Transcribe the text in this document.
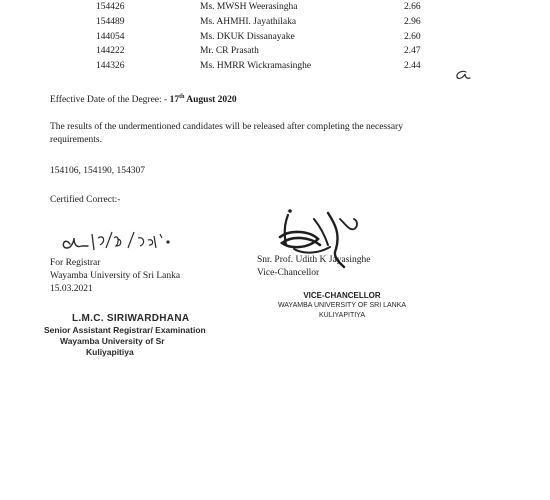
154426	Ms. MWSH Weerasingha	2.66
154489	Ms. AHMHI. Jayathilaka	2.96
144054	Ms. DKUK Dissanayake	2.60
144222	Mr. CR Prasath	2.47
144326	Ms. HMRR Wickramasinghe	2.44
Effective Date of the Degree: - 17th August 2020
The results of the undermentioned candidates will be released after completing the necessary
requirements.
154106, 154190, 154307
Certified Correct:-
For Registrar
Wayamba University of Sri Lanka
15.03.2021
L.M.C. SIRIWARDHANA
Senior Assistant Registrar/ Examination
Wayamba University of Sr
Kuliyapitiya
Snr. Prof. Udith K Jayasinghe
Vice-Chancellor
VICE-CHANCELLOR
WAYAMBA UNIVERSITY OF SRI LANKA
KULIYAPITIYA
